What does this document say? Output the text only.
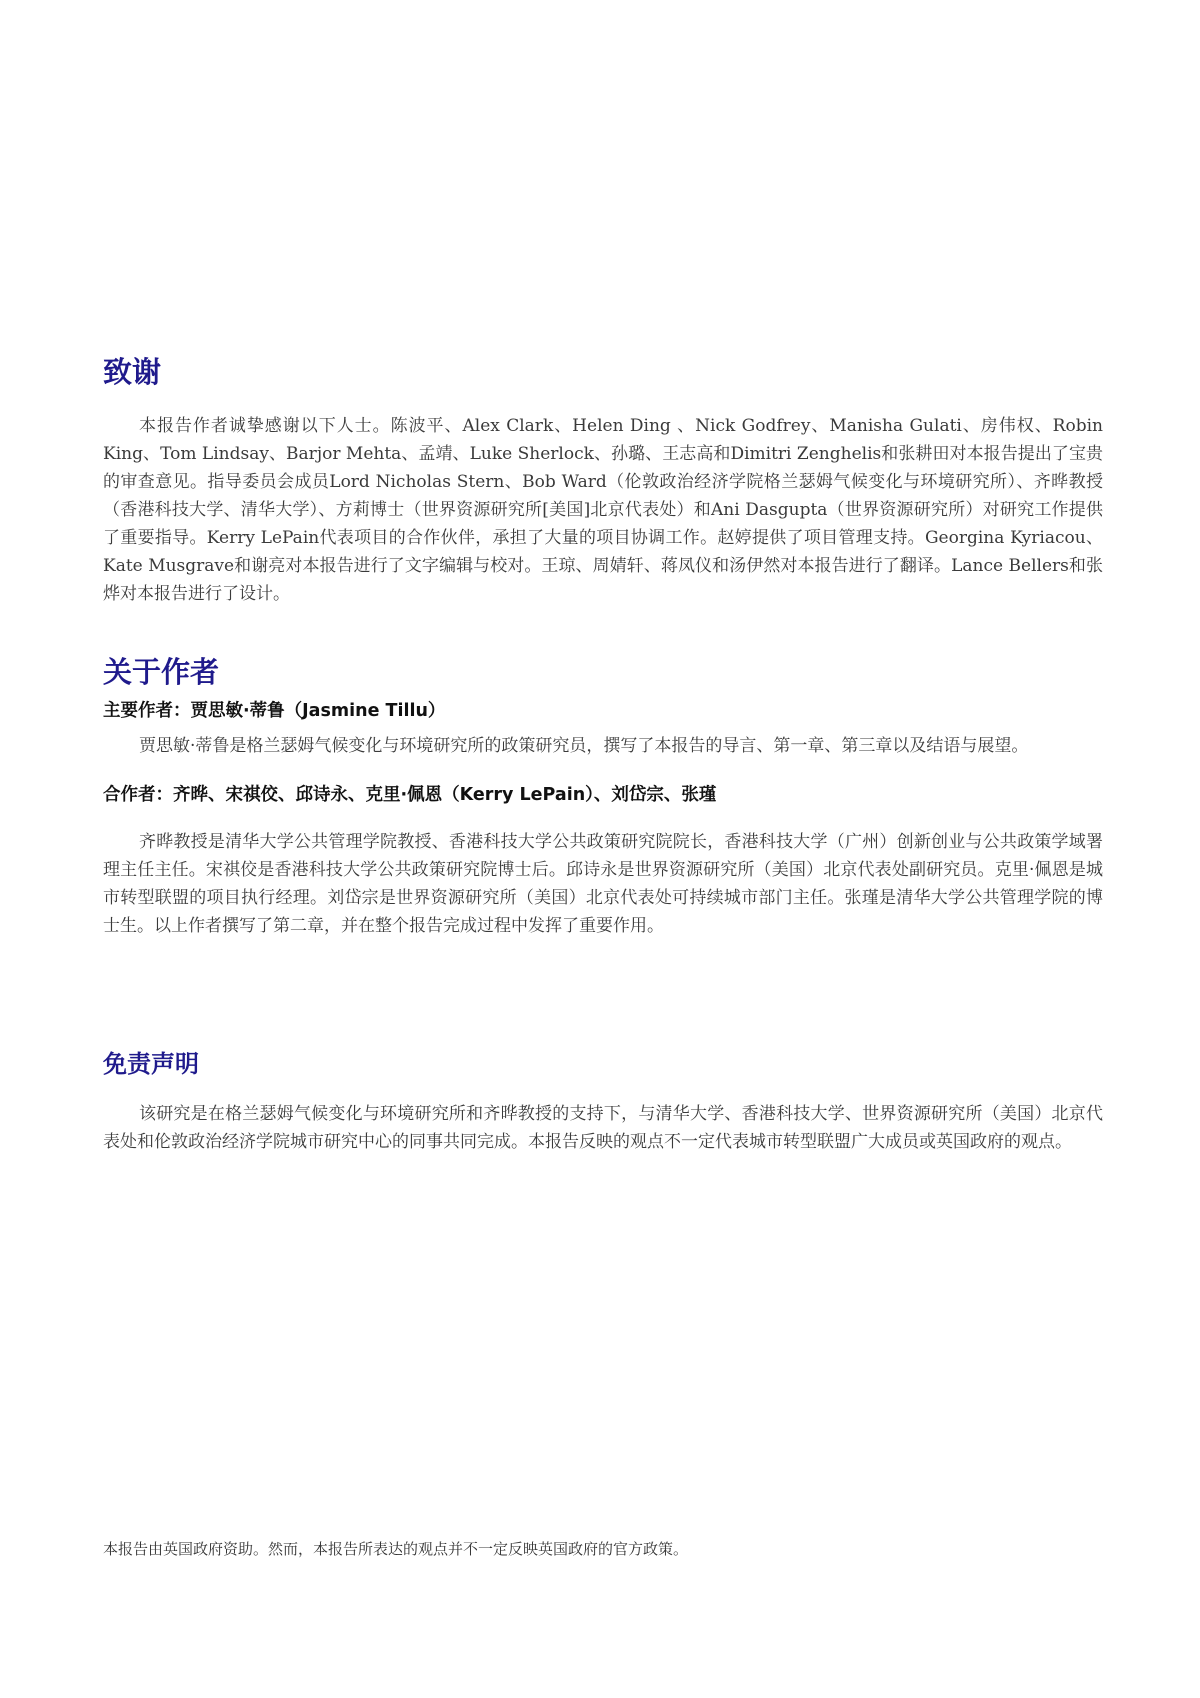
致谢

本报告作者诚挚感谢以下人士。陈波平、Alex Clark、Helen Ding 、Nick Godfrey、Manisha Gulati、房伟权、Robin King、Tom Lindsay、Barjor Mehta、孟靖、Luke Sherlock、孙璐、王志高和Dimitri Zenghelis和张耕田对本报告提出了宝贵的审查意见。指导委员会成员Lord Nicholas Stern、Bob Ward（伦敦政治经济学院格兰瑟姆气候变化与环境研究所）、齐晔教授（香港科技大学、清华大学）、方莉博士（世界资源研究所[美国]北京代表处）和Ani Dasgupta（世界资源研究所）对研究工作提供了重要指导。Kerry LePain代表项目的合作伙伴，承担了大量的项目协调工作。赵婷提供了项目管理支持。Georgina Kyriacou、Kate Musgrave和谢亮对本报告进行了文字编辑与校对。王琼、周婧轩、蒋凤仪和汤伊然对本报告进行了翻译。Lance Bellers和张烨对本报告进行了设计。

关于作者
主要作者：贾思敏·蒂鲁（Jasmine Tillu）

贾思敏·蒂鲁是格兰瑟姆气候变化与环境研究所的政策研究员，撰写了本报告的导言、第一章、第三章以及结语与展望。

合作者：齐晔、宋祺佼、邱诗永、克里·佩恩（Kerry LePain）、刘岱宗、张瑾

齐晔教授是清华大学公共管理学院教授、香港科技大学公共政策研究院院长，香港科技大学（广州）创新创业与公共政策学域署理主任主任。宋祺佼是香港科技大学公共政策研究院博士后。邱诗永是世界资源研究所（美国）北京代表处副研究员。克里·佩恩是城市转型联盟的项目执行经理。刘岱宗是世界资源研究所（美国）北京代表处可持续城市部门主任。张瑾是清华大学公共管理学院的博士生。以上作者撰写了第二章，并在整个报告完成过程中发挥了重要作用。

免责声明

该研究是在格兰瑟姆气候变化与环境研究所和齐晔教授的支持下，与清华大学、香港科技大学、世界资源研究所（美国）北京代表处和伦敦政治经济学院城市研究中心的同事共同完成。本报告反映的观点不一定代表城市转型联盟广大成员或英国政府的观点。

本报告由英国政府资助。然而，本报告所表达的观点并不一定反映英国政府的官方政策。
